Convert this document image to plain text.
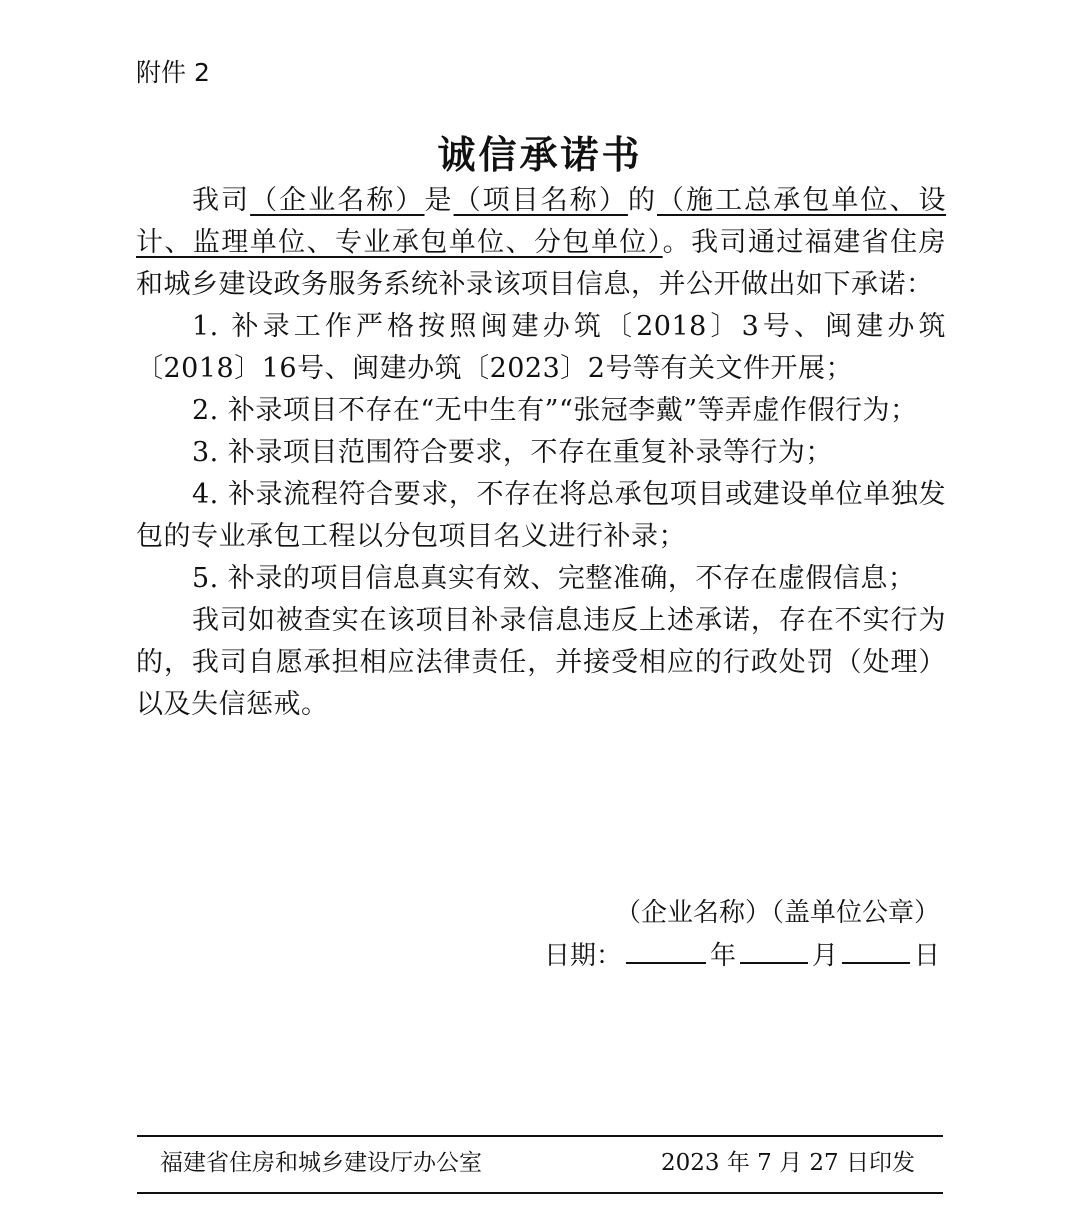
附件 2
诚信承诺书

我司（企业名称）是（项目名称）的（施工总承包单位、设计、监理单位、专业承包单位、分包单位）。我司通过福建省住房和城乡建设政务服务系统补录该项目信息，并公开做出如下承诺：

1. 补录工作严格按照闽建办筑〔2018〕3号、闽建办筑〔2018〕16号、闽建办筑〔2023〕2号等有关文件开展；

2. 补录项目不存在“无中生有”“张冠李戴”等弄虚作假行为；

3. 补录项目范围符合要求，不存在重复补录等行为；

4. 补录流程符合要求，不存在将总承包项目或建设单位单独发包的专业承包工程以分包项目名义进行补录；

5. 补录的项目信息真实有效、完整准确，不存在虚假信息；

我司如被查实在该项目补录信息违反上述承诺，存在不实行为的，我司自愿承担相应法律责任，并接受相应的行政处罚（处理）以及失信惩戒。

（企业名称）（盖单位公章）
日期：	年	月	日
福建省住房和城乡建设厅办公室	2023 年 7 月 27 日印发
